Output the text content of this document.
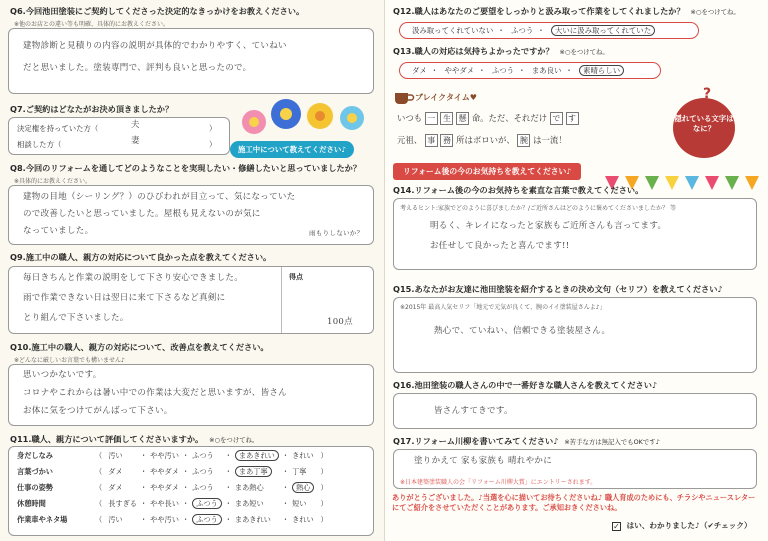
Q6.今回池田塗装にご契約してくださった決定的なきっかけをお教えください。
※他のお店との違い等も明確、具体的にお教えください。
建物診断と見積りの内容の説明が具体的でわかりやすく、ていねい
だと思いました。塗装専門で、評判も良いと思ったので。
Q7.ご契約はどなたがお決め頂きましたか？
決定権を持っていた方（	夫	）
相談した方（	妻	）
施工中について教えてください♪
Q8.今回のリフォームを通してどのようなことを実現したい・修繕したいと思っていましたか？
※具体的にお教えください。
建物の目地（シーリング？）のひびわれが目立って、気になっていた
ので改善したいと思っていました。屋根も見えないのが気に
なっていました。	雨もりしないか？
Q9.施工中の職人、親方の対応について良かった点を教えてください。
毎日きちんと作業の説明をして下さり安心できました。
雨で作業できない日は翌日に来て下さるなど真剣に
とり組んで下さいました。
得点
100点
Q10.施工中の職人、親方の対応について、改善点を教えてください。
※どんなに厳しいお言葉でも構いません♪
思いつかないです。
コロナやこれからは暑い中での作業は大変だと思いますが、皆さん
お体に気をつけてがんばって下さい。
Q11.職人、親方について評価してくださいますか。 ※○をつけてね。
身だしなみ	（	汚い	・	やや汚い	・	ふつう	・	まあきれい	・	きれい	）
言葉づかい	（	ダメ	・	ややダメ	・	ふつう	・	まあ丁寧	・	丁寧	）
仕事の姿勢	（	ダメ	・	ややダメ	・	ふつう	・	まあ熱心	・	熱心	）
休憩時間	（	長すぎる	・	やや長い	・	ふつう	・	まあ短い	・	短い	）
作業車やネタ場	（	汚い	・	やや汚い	・	ふつう	・	まあきれい	・	きれい	）
Q12.職人はあなたのご要望をしっかりと汲み取って作業をしてくれましたか？ ※○をつけてね。
汲み取ってくれていない ・ ふつう ・ 大いに汲み取ってくれていた
Q13.職人の対応は気持ちよかったですか？ ※○をつけてね。
ダメ ・ ややダメ ・ ふつう ・ まあ良い ・ 素晴らしい
ブレイクタイム♥
いつも 一 生 懸 命。ただ、それだけ で す
元祖、 事 務 所はボロいが、 腕 は一流！
隠れている文字はなに？
?
リフォーム後の今のお気持ちを教えてください♪
Q14.リフォーム後の今のお気持ちを素直な言葉で教えてください。
考えるヒント:家族でどのように喜びましたか？/ご近所さんはどのように褒めてくださいましたか？ 等
明るく、キレイになったと家族もご近所さんも言ってます。
お任せして良かったと喜んでます!!
Q15.あなたがお友達に池田塗装を紹介するときの決め文句（セリフ）を教えてください♪
※2015年 最高人気セリフ「地元で元気が良くて、腕のイイ塗装屋さんよ♪」
熱心で、ていねい、信頼できる塗装屋さん。
Q16.池田塗装の職人さんの中で一番好きな職人さんを教えてください♪
皆さんすてきです。
Q17.リフォーム川柳を書いてみてください♪ ※苦手な方は無記入でもOKです♪
塗りかえて 家も家族も 晴れやかに
※日本建築塗装職人の会「リフォーム川柳大賞」にエントリーされます。
ありがとうございました。♪当選を心に描いてお待ちくださいね♪ 職人育成のためにも、チラシやニュースレターにてご紹介をさせていただくことがあります。ご承知おきくださいね。
✓ はい、わかりました♪（✔チェック）
